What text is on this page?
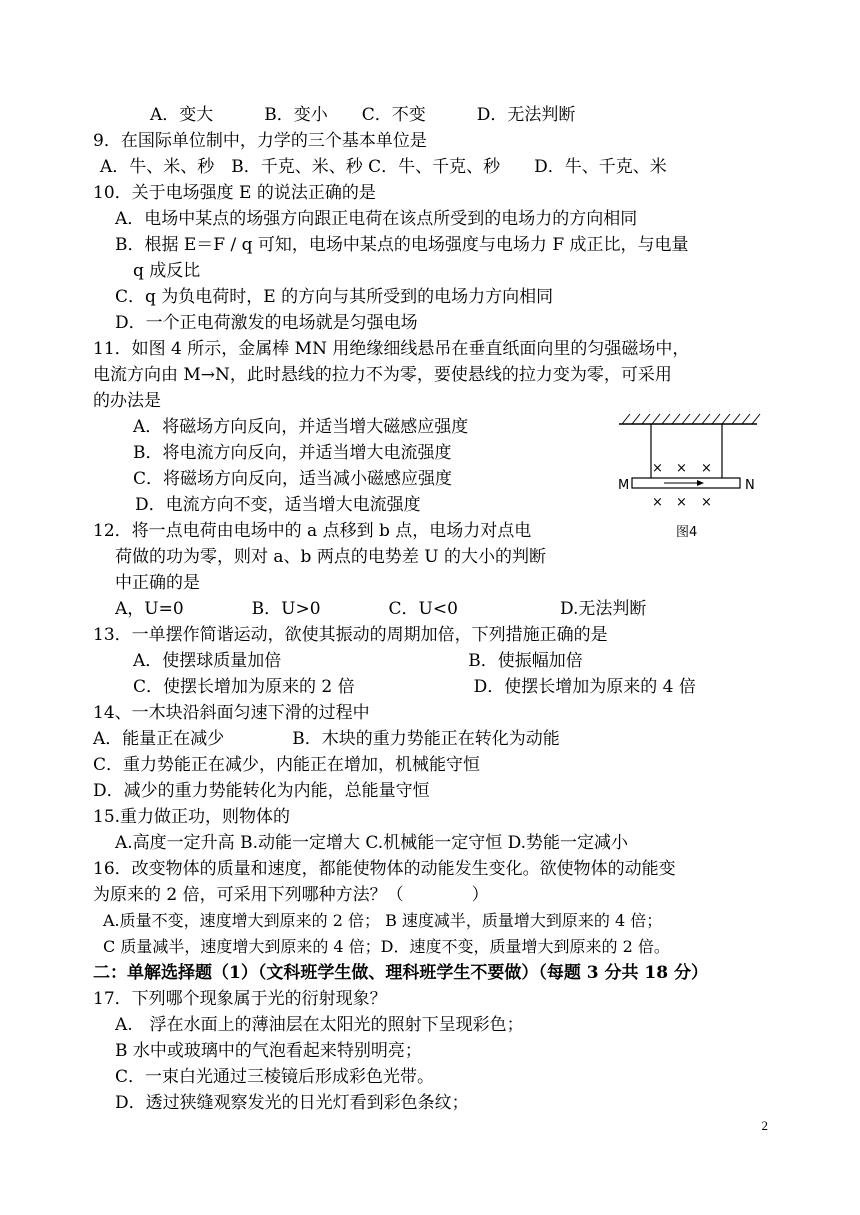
A．变大　　　B．变小　　C．不变　　　D．无法判断
9．在国际单位制中，力学的三个基本单位是
A．牛、米、秒　B．千克、米、秒 C．牛、千克、秒　　D．牛、千克、米
10．关于电场强度 E 的说法正确的是
A．电场中某点的场强方向跟正电荷在该点所受到的电场力的方向相同
B．根据 E＝F / q 可知，电场中某点的电场强度与电场力 F 成正比，与电量
q 成反比
C．q 为负电荷时，E 的方向与其所受到的电场力方向相同
D．一个正电荷激发的电场就是匀强电场
11．如图 4 所示，金属棒 MN 用绝缘细线悬吊在垂直纸面向里的匀强磁场中，
电流方向由 M→N，此时悬线的拉力不为零，要使悬线的拉力变为零，可采用
的办法是
A．将磁场方向反向，并适当增大磁感应强度
B．将电流方向反向，并适当增大电流强度
C．将磁场方向反向，适当减小磁感应强度
D．电流方向不变，适当增大电流强度
12．将一点电荷由电场中的 a 点移到 b 点，电场力对点电
荷做的功为零，则对 a、b 两点的电势差 U 的大小的判断
中正确的是
A，U=0　　　　B．U>0　　　　C．U<0　　　　　　D.无法判断
13．一单摆作简谐运动，欲使其振动的周期加倍，下列措施正确的是
A．使摆球质量加倍　　　　　　　　　　　B．使振幅加倍
C．使摆长增加为原来的 2 倍　　　　　　　D．使摆长增加为原来的 4 倍
14、一木块沿斜面匀速下滑的过程中
A．能量正在减少　　　　B．木块的重力势能正在转化为动能
C．重力势能正在减少，内能正在增加，机械能守恒
D．减少的重力势能转化为内能，总能量守恒
15.重力做正功，则物体的
A.高度一定升高 B.动能一定增大 C.机械能一定守恒 D.势能一定减小
16．改变物体的质量和速度，都能使物体的动能发生变化。欲使物体的动能变
为原来的 2 倍，可采用下列哪种方法？（　　　　）
A.质量不变，速度增大到原来的 2 倍； B 速度减半，质量增大到原来的 4 倍；
C 质量减半，速度增大到原来的 4 倍；D．速度不变，质量增大到原来的 2 倍。
二：单解选择题（1）（文科班学生做、理科班学生不要做）（每题 3 分共 18 分）
17．下列哪个现象属于光的衍射现象？
A.　浮在水面上的薄油层在太阳光的照射下呈现彩色；
B 水中或玻璃中的气泡看起来特别明亮；
C．一束白光通过三棱镜后形成彩色光带。
D．透过狭缝观察发光的日光灯看到彩色条纹；
× × ×
M	N
× × ×
图4
2
